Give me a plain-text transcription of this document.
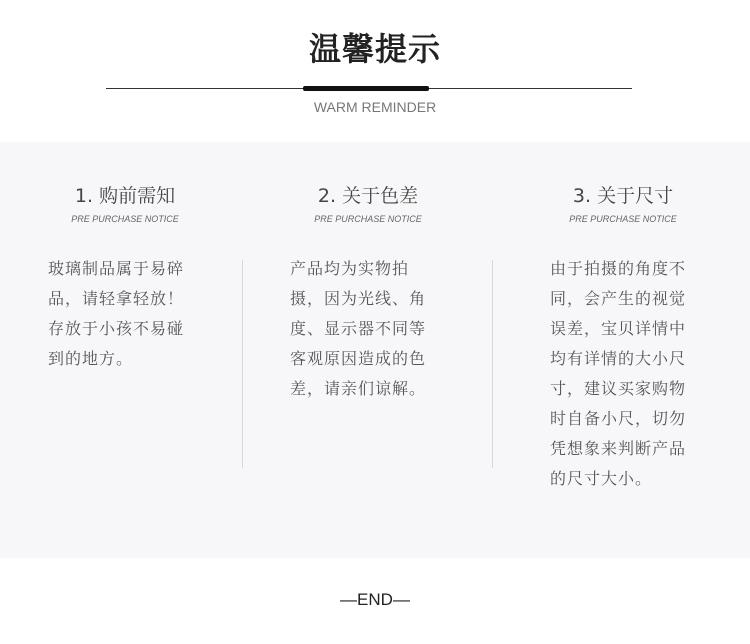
温馨提示
WARM REMINDER
1. 购前需知
PRE PURCHASE NOTICE
玻璃制品属于易碎品，请轻拿轻放！存放于小孩不易碰到的地方。
2. 关于色差
PRE PURCHASE NOTICE
产品均为实物拍摄，因为光线、角度、显示器不同等客观原因造成的色差，请亲们谅解。
3. 关于尺寸
PRE PURCHASE NOTICE
由于拍摄的角度不同，会产生的视觉误差，宝贝详情中均有详情的大小尺寸，建议买家购物时自备小尺，切勿凭想象来判断产品的尺寸大小。
—END—
